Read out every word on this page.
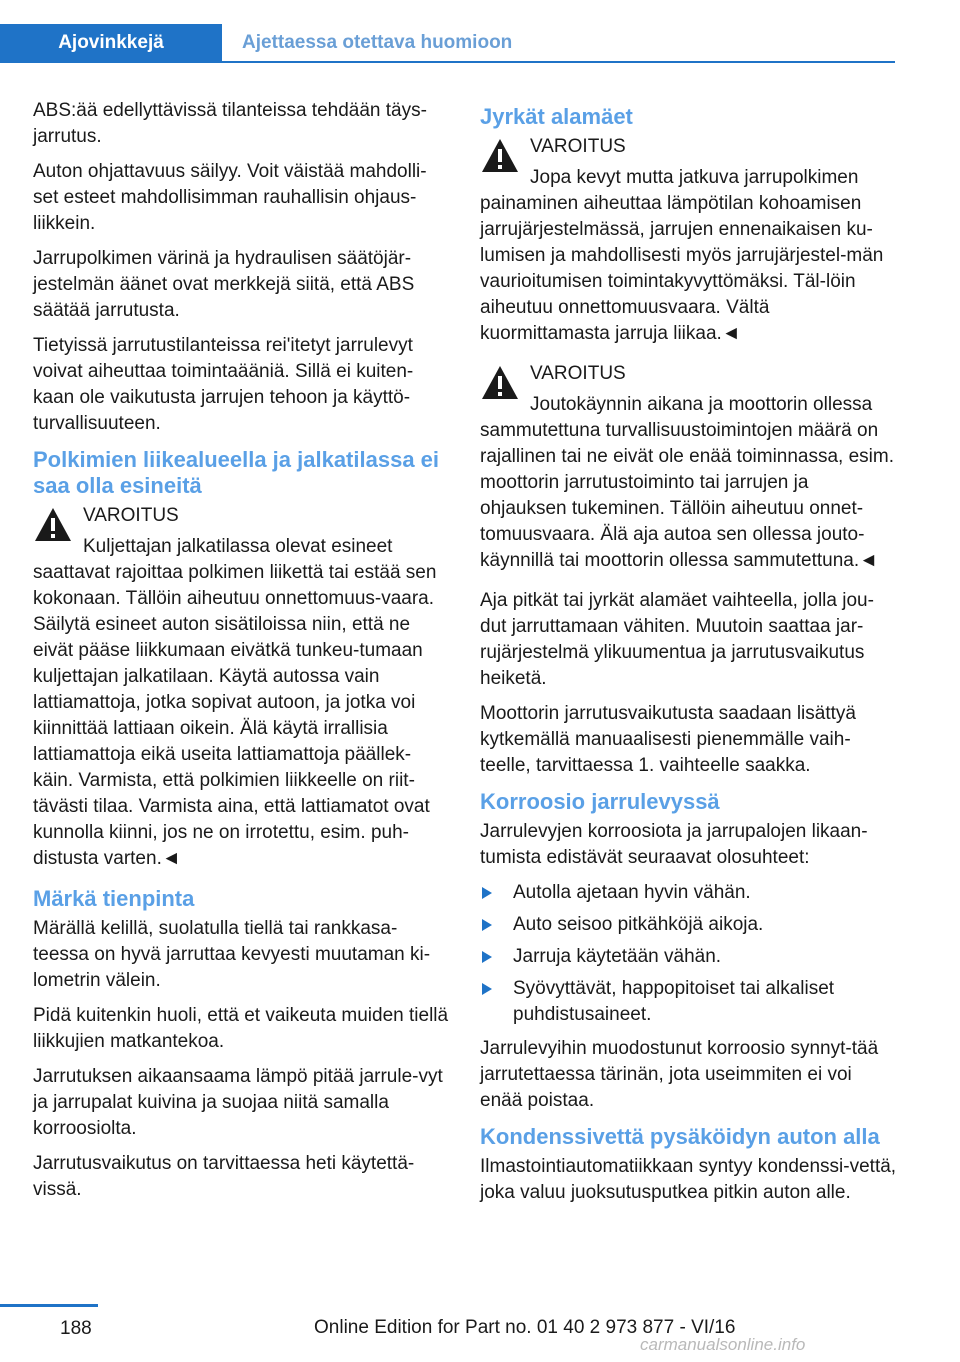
Ajovinkkejä	Ajettaessa otettava huomioon

ABS:ää edellyttävissä tilanteissa tehdään täys-jarrutus.

Auton ohjattavuus säilyy. Voit väistää mahdolli-set esteet mahdollisimman rauhallisin ohjaus-liikkein.

Jarrupolkimen värinä ja hydraulisen säätöjär-jestelmän äänet ovat merkkejä siitä, että ABS säätää jarrutusta.

Tietyissä jarrutustilanteissa rei'itetyt jarrulevyt voivat aiheuttaa toimintaääniä. Sillä ei kuiten-kaan ole vaikutusta jarrujen tehoon ja käyttö-turvallisuuteen.

Polkimien liikealueella ja jalkatilassa ei saa olla esineitä
VAROITUS
Kuljettajan jalkatilassa olevat esineet saattavat rajoittaa polkimen liikettä tai estää sen kokonaan. Tällöin aiheutuu onnettomuus-vaara. Säilytä esineet auton sisätiloissa niin, että ne eivät pääse liikkumaan eivätkä tunkeu-tumaan kuljettajan jalkatilaan. Käytä autossa vain lattiamattoja, jotka sopivat autoon, ja jotka voi kiinnittää lattiaan oikein. Älä käytä irrallisia lattiamattoja eikä useita lattiamattoja päällek-käin. Varmista, että polkimien liikkeelle on riit-tävästi tilaa. Varmista aina, että lattiamatot ovat kunnolla kiinni, jos ne on irrotettu, esim. puh-distusta varten.◄
Märkä tienpinta

Märällä kelillä, suolatulla tiellä tai rankkasa-teessa on hyvä jarruttaa kevyesti muutaman ki-lometrin välein.

Pidä kuitenkin huoli, että et vaikeuta muiden tiellä liikkujien matkantekoa.

Jarrutuksen aikaansaama lämpö pitää jarrule-vyt ja jarrupalat kuivina ja suojaa niitä samalla korroosiolta.

Jarrutusvaikutus on tarvittaessa heti käytettä-vissä.

Jyrkät alamäet
VAROITUS
Jopa kevyt mutta jatkuva jarrupolkimen painaminen aiheuttaa lämpötilan kohoamisen jarrujärjestelmässä, jarrujen ennenaikaisen ku-lumisen ja mahdollisesti myös jarrujärjestel-män vaurioitumisen toimintakyvyttömäksi. Täl-löin aiheutuu onnettomuusvaara. Vältä kuormittamasta jarruja liikaa.◄
VAROITUS
Joutokäynnin aikana ja moottorin ollessa sammutettuna turvallisuustoimintojen määrä on rajallinen tai ne eivät ole enää toiminnassa, esim. moottorin jarrutustoiminto tai jarrujen ja ohjauksen tukeminen. Tällöin aiheutuu onnet-tomuusvaara. Älä aja autoa sen ollessa jouto-käynnillä tai moottorin ollessa sammutettuna.◄

Aja pitkät tai jyrkät alamäet vaihteella, jolla jou-dut jarruttamaan vähiten. Muutoin saattaa jar-rujärjestelmä ylikuumentua ja jarrutusvaikutus heiketä.

Moottorin jarrutusvaikutusta saadaan lisättyä kytkemällä manuaalisesti pienemmälle vaih-teelle, tarvittaessa 1. vaihteelle saakka.

Korroosio jarrulevyssä

Jarrulevyjen korroosiota ja jarrupalojen likaan-tumista edistävät seuraavat olosuhteet:

Autolla ajetaan hyvin vähän.
Auto seisoo pitkähköjä aikoja.
Jarruja käytetään vähän.
Syövyttävät, happopitoiset tai alkaliset puhdistusaineet.

Jarrulevyihin muodostunut korroosio synnyt-tää jarrutettaessa tärinän, jota useimmiten ei voi enää poistaa.

Kondenssivettä pysäköidyn auton alla

Ilmastointiautomatiikkaan syntyy kondenssi-vettä, joka valuu juoksutusputkea pitkin auton alle.

188	Online Edition for Part no. 01 40 2 973 877 - VI/16
carmanualsonline.info
